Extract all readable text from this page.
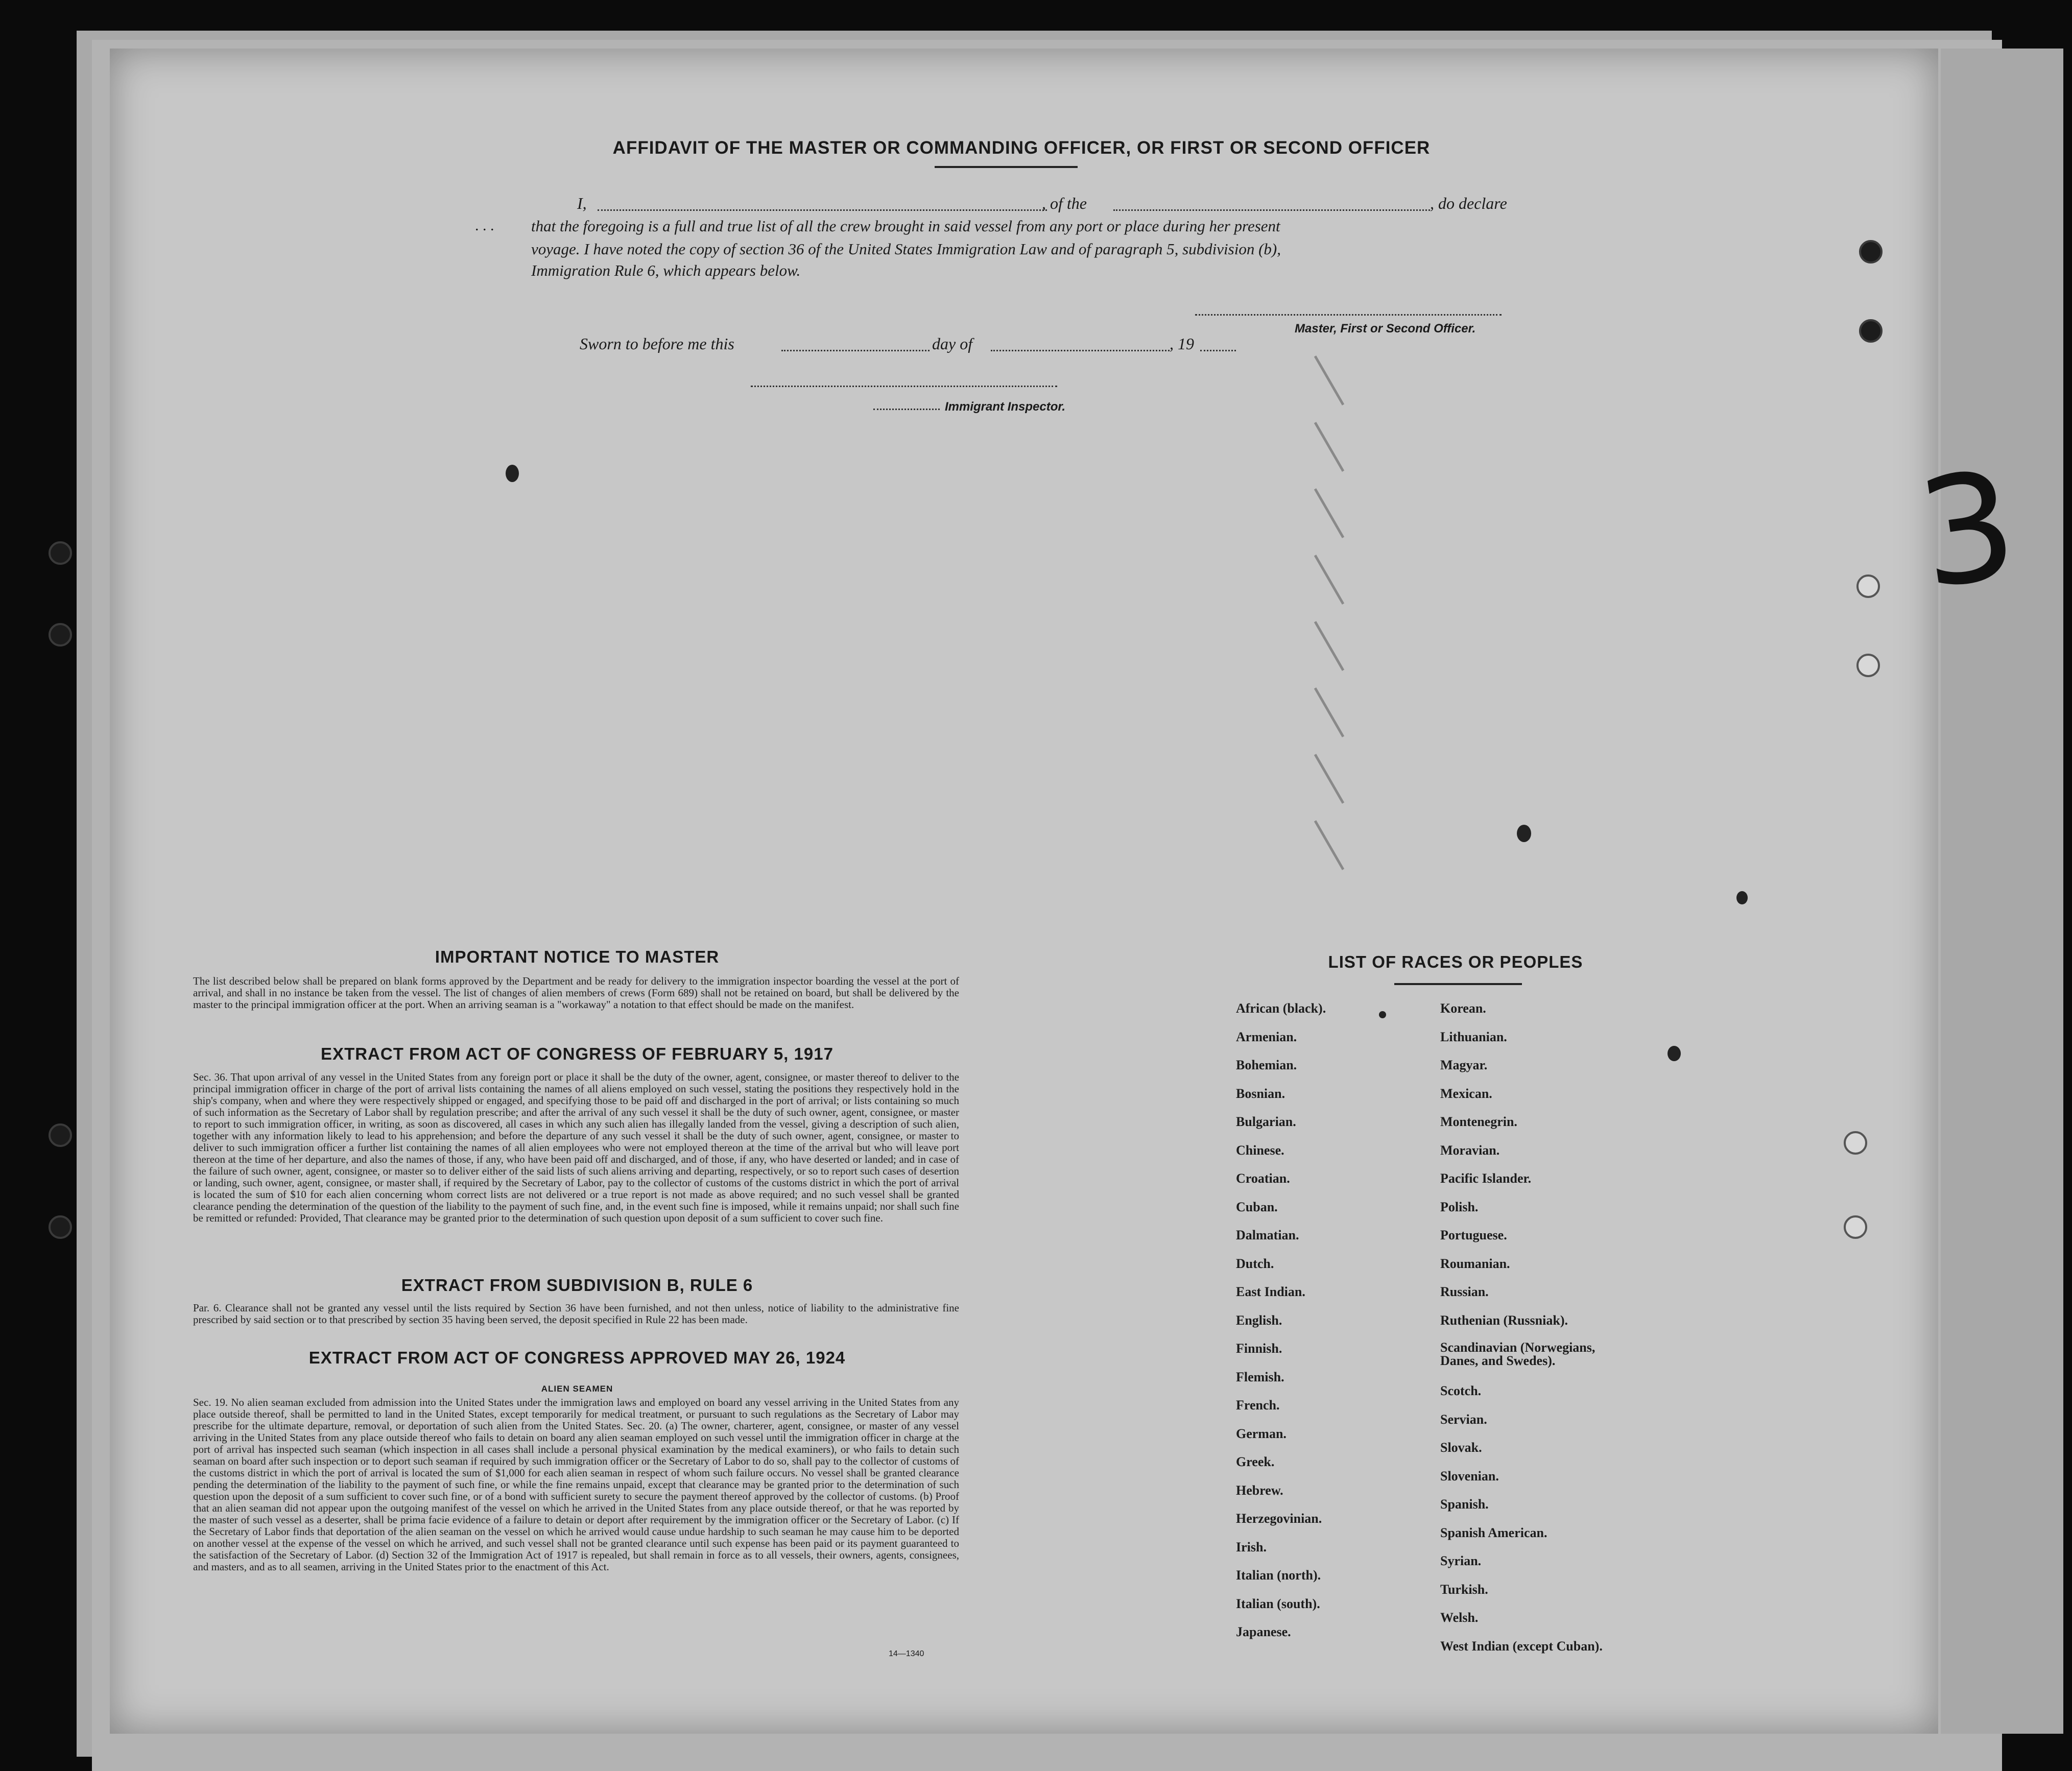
3
AFFIDAVIT OF THE MASTER OR COMMANDING OFFICER, OR FIRST OR SECOND OFFICER
I,	, of the	, do declare
. . . that the foregoing is a full and true list of all the crew brought in said vessel from any port or place during her present
voyage. I have noted the copy of section 36 of the United States Immigration Law and of paragraph 5, subdivision (b),
Immigration Rule 6, which appears below.
Master, First or Second Officer.
Sworn to before me this	day of	, 19
Immigrant Inspector.
IMPORTANT NOTICE TO MASTER
The list described below shall be prepared on blank forms approved by the Department and be ready for delivery to the immigration inspector boarding the vessel at the port of arrival, and shall in no instance be taken from the vessel. The list of changes of alien members of crews (Form 689) shall not be retained on board, but shall be delivered by the master to the principal immigration officer at the port. When an arriving seaman is a "workaway" a notation to that effect should be made on the manifest.
EXTRACT FROM ACT OF CONGRESS OF FEBRUARY 5, 1917
Sec. 36. That upon arrival of any vessel in the United States from any foreign port or place it shall be the duty of the owner, agent, consignee, or master thereof to deliver to the principal immigration officer in charge of the port of arrival lists containing the names of all aliens employed on such vessel, stating the positions they respectively hold in the ship's company, when and where they were respectively shipped or engaged, and specifying those to be paid off and discharged in the port of arrival; or lists containing so much of such information as the Secretary of Labor shall by regulation prescribe; and after the arrival of any such vessel it shall be the duty of such owner, agent, consignee, or master to report to such immigration officer, in writing, as soon as discovered, all cases in which any such alien has illegally landed from the vessel, giving a description of such alien, together with any information likely to lead to his apprehension; and before the departure of any such vessel it shall be the duty of such owner, agent, consignee, or master to deliver to such immigration officer a further list containing the names of all alien employees who were not employed thereon at the time of the arrival but who will leave port thereon at the time of her departure, and also the names of those, if any, who have been paid off and discharged, and of those, if any, who have deserted or landed; and in case of the failure of such owner, agent, consignee, or master so to deliver either of the said lists of such aliens arriving and departing, respectively, or so to report such cases of desertion or landing, such owner, agent, consignee, or master shall, if required by the Secretary of Labor, pay to the collector of customs of the customs district in which the port of arrival is located the sum of $10 for each alien concerning whom correct lists are not delivered or a true report is not made as above required; and no such vessel shall be granted clearance pending the determination of the question of the liability to the payment of such fine, and, in the event such fine is imposed, while it remains unpaid; nor shall such fine be remitted or refunded: Provided, That clearance may be granted prior to the determination of such question upon deposit of a sum sufficient to cover such fine.
EXTRACT FROM SUBDIVISION B, RULE 6
Par. 6. Clearance shall not be granted any vessel until the lists required by Section 36 have been furnished, and not then unless, notice of liability to the administrative fine prescribed by said section or to that prescribed by section 35 having been served, the deposit specified in Rule 22 has been made.
EXTRACT FROM ACT OF CONGRESS APPROVED MAY 26, 1924
ALIEN SEAMEN
Sec. 19. No alien seaman excluded from admission into the United States under the immigration laws and employed on board any vessel arriving in the United States from any place outside thereof, shall be permitted to land in the United States, except temporarily for medical treatment, or pursuant to such regulations as the Secretary of Labor may prescribe for the ultimate departure, removal, or deportation of such alien from the United States. Sec. 20. (a) The owner, charterer, agent, consignee, or master of any vessel arriving in the United States from any place outside thereof who fails to detain on board any alien seaman employed on such vessel until the immigration officer in charge at the port of arrival has inspected such seaman (which inspection in all cases shall include a personal physical examination by the medical examiners), or who fails to detain such seaman on board after such inspection or to deport such seaman if required by such immigration officer or the Secretary of Labor to do so, shall pay to the collector of customs of the customs district in which the port of arrival is located the sum of $1,000 for each alien seaman in respect of whom such failure occurs. No vessel shall be granted clearance pending the determination of the liability to the payment of such fine, or while the fine remains unpaid, except that clearance may be granted prior to the determination of such question upon the deposit of a sum sufficient to cover such fine, or of a bond with sufficient surety to secure the payment thereof approved by the collector of customs. (b) Proof that an alien seaman did not appear upon the outgoing manifest of the vessel on which he arrived in the United States from any place outside thereof, or that he was reported by the master of such vessel as a deserter, shall be prima facie evidence of a failure to detain or deport after requirement by the immigration officer or the Secretary of Labor. (c) If the Secretary of Labor finds that deportation of the alien seaman on the vessel on which he arrived would cause undue hardship to such seaman he may cause him to be deported on another vessel at the expense of the vessel on which he arrived, and such vessel shall not be granted clearance until such expense has been paid or its payment guaranteed to the satisfaction of the Secretary of Labor. (d) Section 32 of the Immigration Act of 1917 is repealed, but shall remain in force as to all vessels, their owners, agents, consignees, and masters, and as to all seamen, arriving in the United States prior to the enactment of this Act.
14—1340
LIST OF RACES OR PEOPLES
African (black).
Armenian.
Bohemian.
Bosnian.
Bulgarian.
Chinese.
Croatian.
Cuban.
Dalmatian.
Dutch.
East Indian.
English.
Finnish.
Flemish.
French.
German.
Greek.
Hebrew.
Herzegovinian.
Irish.
Italian (north).
Italian (south).
Japanese.
Korean.
Lithuanian.
Magyar.
Mexican.
Montenegrin.
Moravian.
Pacific Islander.
Polish.
Portuguese.
Roumanian.
Russian.
Ruthenian (Russniak).
Scandinavian (Norwegians, Danes, and Swedes).
Scotch.
Servian.
Slovak.
Slovenian.
Spanish.
Spanish American.
Syrian.
Turkish.
Welsh.
West Indian (except Cuban).
